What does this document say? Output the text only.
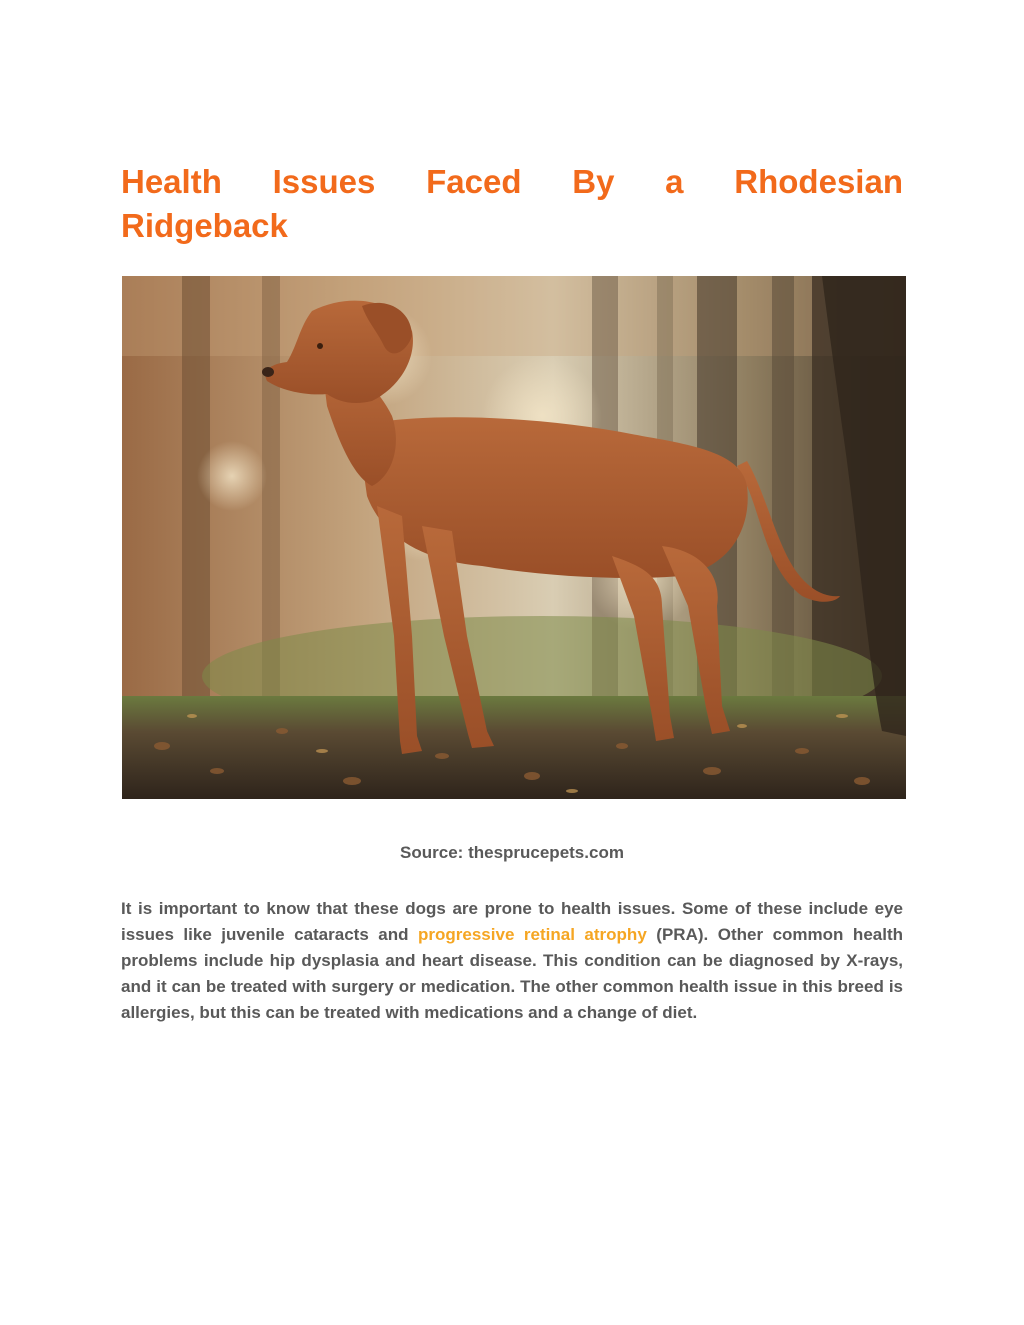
Health Issues Faced By a Rhodesian
Ridgeback
Source: thesprucepets.com

It is important to know that these dogs are prone to health issues. Some of these include eye issues like juvenile cataracts and progressive retinal atrophy (PRA). Other common health problems include hip dysplasia and heart disease. This condition can be diagnosed by X-rays, and it can be treated with surgery or medication. The other common health issue in this breed is allergies, but this can be treated with medications and a change of diet.
